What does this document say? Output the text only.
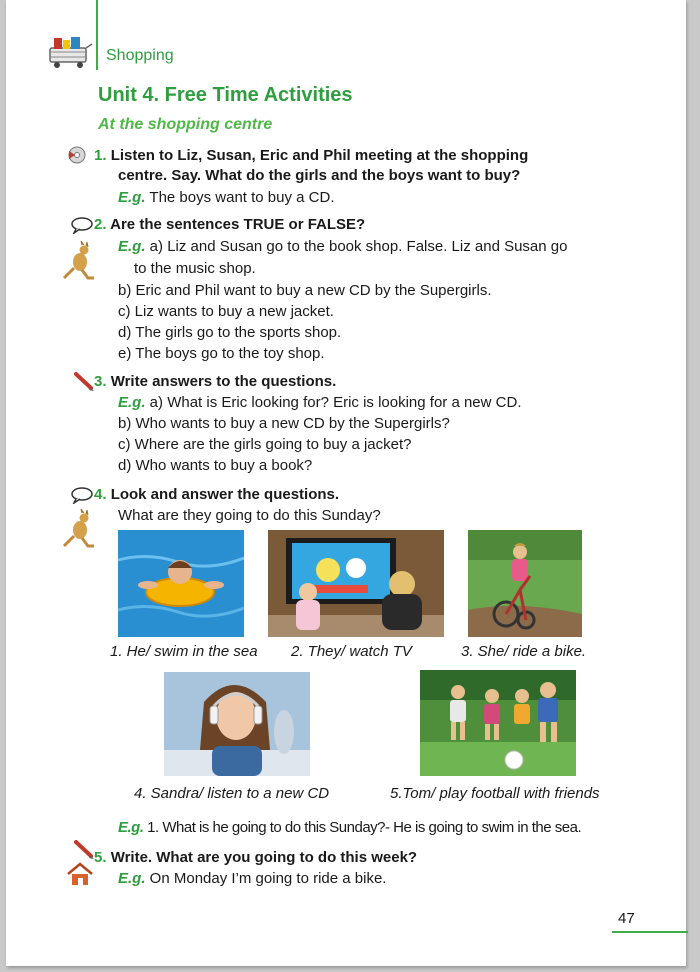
Shopping
Unit 4. Free Time Activities
At the shopping centre
1. Listen to Liz, Susan, Eric and Phil meeting at the shopping
centre. Say. What do the girls and the boys want to buy?
E.g. The boys want to buy a CD.
2. Are the sentences TRUE or FALSE?
E.g. a) Liz and Susan go to the book shop. False. Liz and Susan go
to the music shop.
b) Eric and Phil want to buy a new CD by the Supergirls.
c) Liz wants to buy a new jacket.
d) The girls go to the sports shop.
e) The boys go to the toy shop.
3. Write answers to the questions.
E.g. a) What is Eric looking for? Eric is looking for a new CD.
b) Who wants to buy a new CD by the Supergirls?
c) Where are the girls going to buy a jacket?
d) Who wants to buy a book?
4. Look and answer the questions.
What are they going to do this Sunday?
1. He/ swim in the sea 2. They/ watch TV	3. She/ ride a bike.
4. Sandra/ listen to a new CD	5.Tom/ play football with friends
E.g. 1. What is he going to do this Sunday?- He is going to swim in the sea.
5. Write. What are you going to do this week?
E.g. On Monday I’m going to ride a bike.
47
